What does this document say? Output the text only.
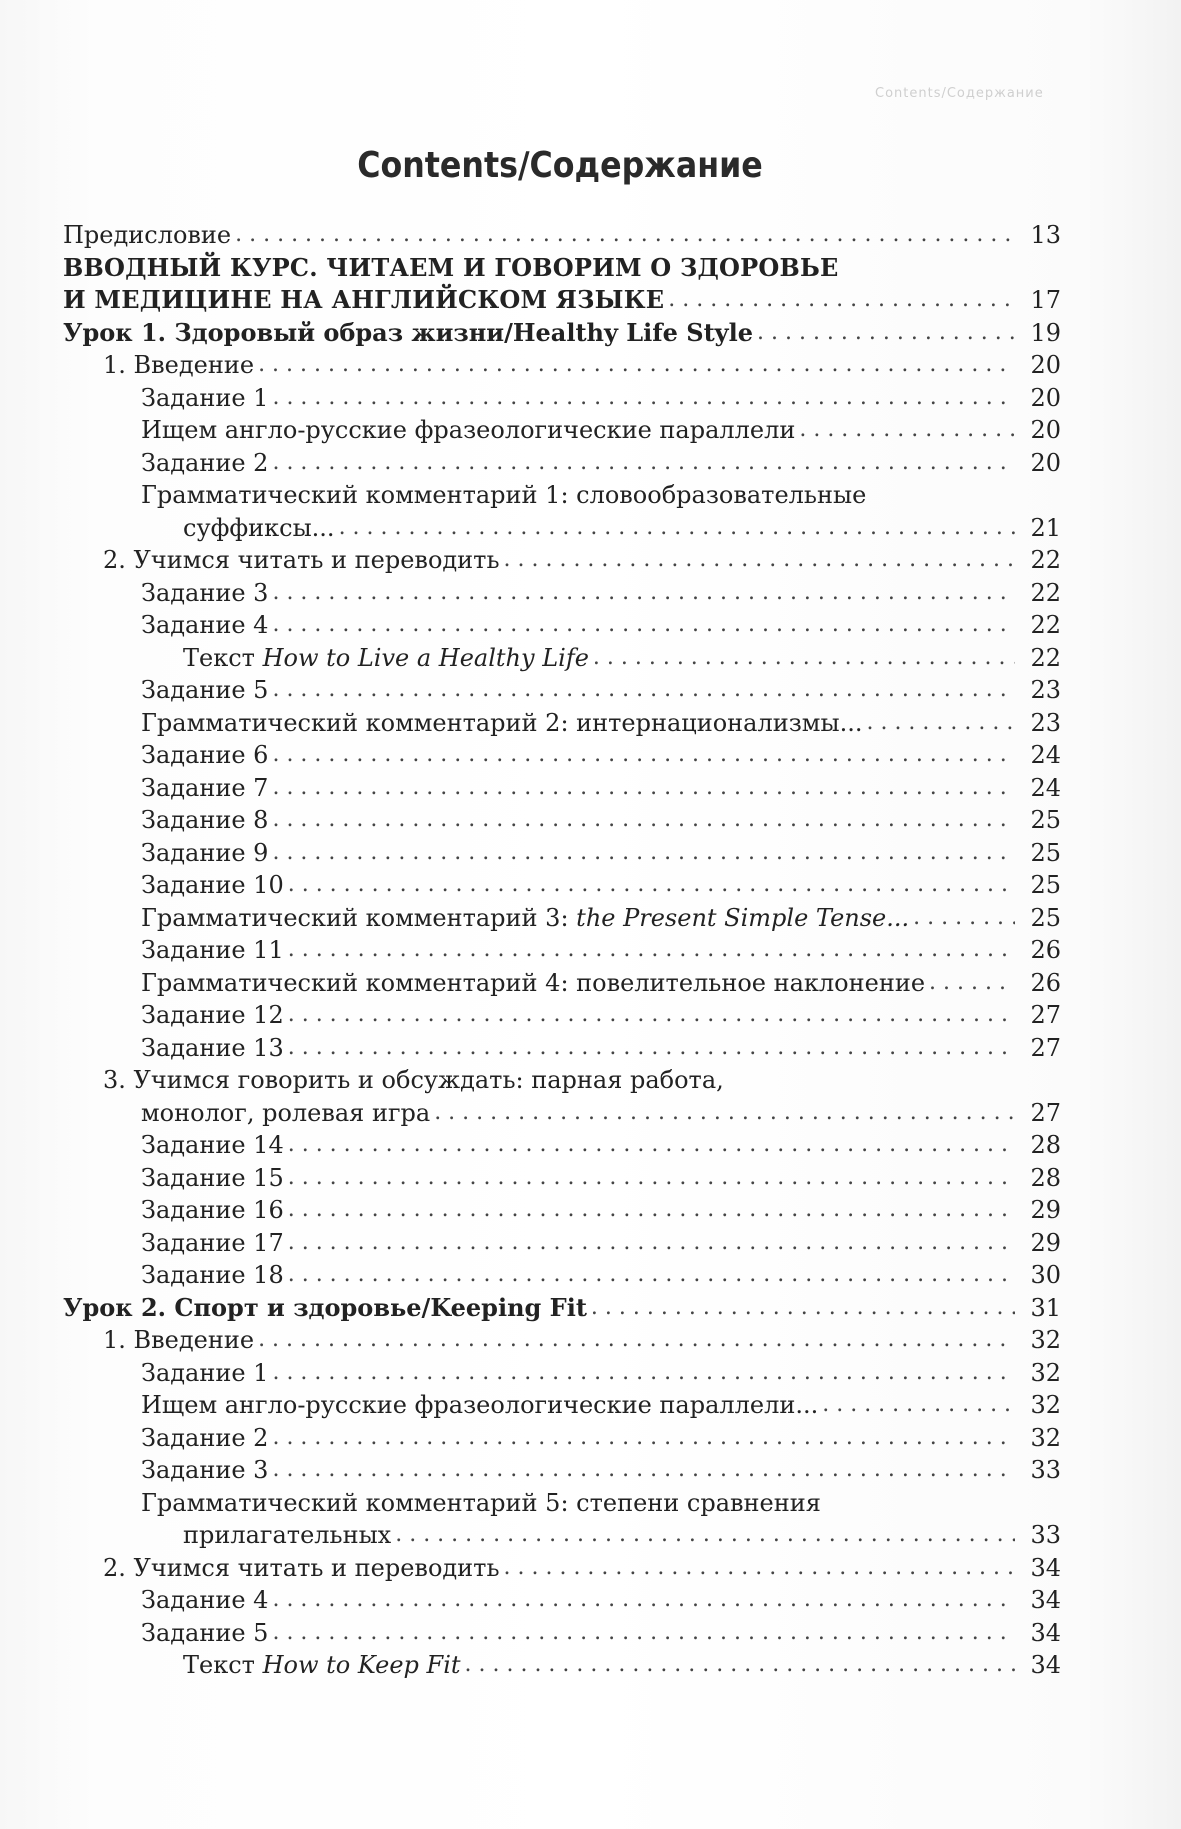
Contents/Содержание
Contents/Содержание
Предисловие . . .	13
ВВОДНЫЙ КУРС. ЧИТАЕМ И ГОВОРИМ О ЗДОРОВЬЕ
И МЕДИЦИНЕ НА АНГЛИЙСКОМ ЯЗЫКЕ . . .	17
Урок 1. Здоровый образ жизни/Healthy Life Style . . .	19
1. Введение . . .	20
Задание 1 . . .	20
Ищем англо-русские фразеологические параллели . . .	20
Задание 2 . . .	20
Грамматический комментарий 1: словообразовательные
суффиксы... . . .	21
2. Учимся читать и переводить . . .	22
Задание 3 . . .	22
Задание 4 . . .	22
Текст How to Live a Healthy Life . . .	22
Задание 5 . . .	23
Грамматический комментарий 2: интернационализмы... . . .	23
Задание 6 . . .	24
Задание 7 . . .	24
Задание 8 . . .	25
Задание 9 . . .	25
Задание 10 . . .	25
Грамматический комментарий 3: the Present Simple Tense... . . .	25
Задание 11 . . .	26
Грамматический комментарий 4: повелительное наклонение . . .	26
Задание 12 . . .	27
Задание 13 . . .	27
3. Учимся говорить и обсуждать: парная работа,
монолог, ролевая игра . . .	27
Задание 14 . . .	28
Задание 15 . . .	28
Задание 16 . . .	29
Задание 17 . . .	29
Задание 18 . . .	30
Урок 2. Спорт и здоровье/Keeping Fit . . .	31
1. Введение . . .	32
Задание 1 . . .	32
Ищем англо-русские фразеологические параллели... . . .	32
Задание 2 . . .	32
Задание 3 . . .	33
Грамматический комментарий 5: степени сравнения
прилагательных . . .	33
2. Учимся читать и переводить . . .	34
Задание 4 . . .	34
Задание 5 . . .	34
Текст How to Keep Fit . . .	34
